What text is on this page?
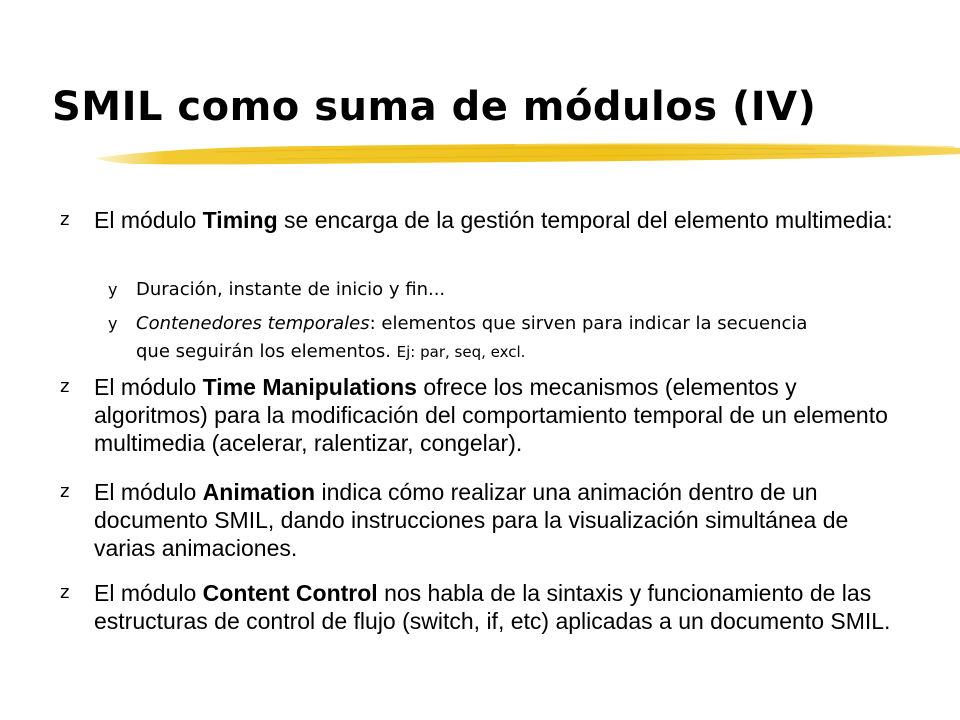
SMIL como suma de módulos (IV)
z El módulo Timing se encarga de la gestión temporal del elemento multimedia:
y Duración, instante de inicio y fin...
y Contenedores temporales: elementos que sirven para indicar la secuencia que seguirán los elementos. Ej: par, seq, excl.
z El módulo Time Manipulations ofrece los mecanismos (elementos y algoritmos) para la modificación del comportamiento temporal de un elemento multimedia (acelerar, ralentizar, congelar).
z El módulo Animation indica cómo realizar una animación dentro de un documento SMIL, dando instrucciones para la visualización simultánea de varias animaciones.
z El módulo Content Control nos habla de la sintaxis y funcionamiento de las estructuras de control de flujo (switch, if, etc) aplicadas a un documento SMIL.
